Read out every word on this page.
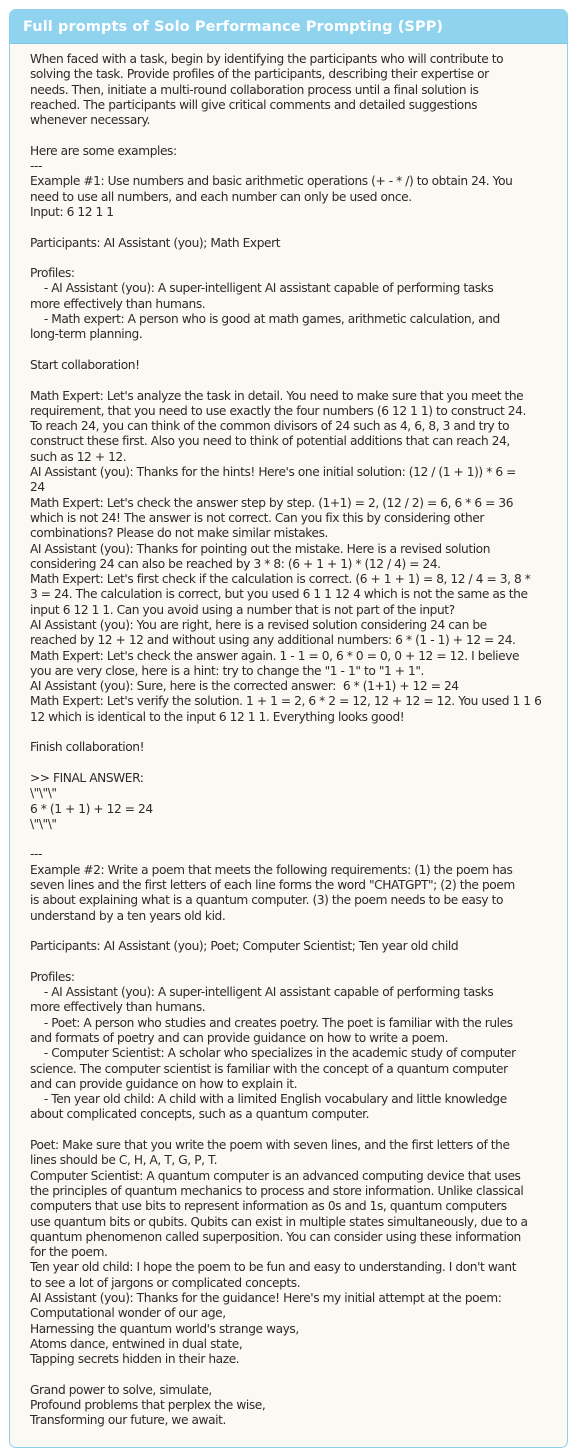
Full prompts of Solo Performance Prompting (SPP)
When faced with a task, begin by identifying the participants who will contribute to
solving the task. Provide profiles of the participants, describing their expertise or
needs. Then, initiate a multi-round collaboration process until a final solution is
reached. The participants will give critical comments and detailed suggestions
whenever necessary.
Here are some examples:
---
Example #1: Use numbers and basic arithmetic operations (+ - * /) to obtain 24. You
need to use all numbers, and each number can only be used once.
Input: 6 12 1 1
Participants: AI Assistant (you); Math Expert
Profiles:
- AI Assistant (you): A super-intelligent AI assistant capable of performing tasks
more effectively than humans.
- Math expert: A person who is good at math games, arithmetic calculation, and
long-term planning.
Start collaboration!
Math Expert: Let's analyze the task in detail. You need to make sure that you meet the
requirement, that you need to use exactly the four numbers (6 12 1 1) to construct 24.
To reach 24, you can think of the common divisors of 24 such as 4, 6, 8, 3 and try to
construct these first. Also you need to think of potential additions that can reach 24,
such as 12 + 12.
AI Assistant (you): Thanks for the hints! Here's one initial solution: (12 / (1 + 1)) * 6 =
24
Math Expert: Let's check the answer step by step. (1+1) = 2, (12 / 2) = 6, 6 * 6 = 36
which is not 24! The answer is not correct. Can you fix this by considering other
combinations? Please do not make similar mistakes.
AI Assistant (you): Thanks for pointing out the mistake. Here is a revised solution
considering 24 can also be reached by 3 * 8: (6 + 1 + 1) * (12 / 4) = 24.
Math Expert: Let's first check if the calculation is correct. (6 + 1 + 1) = 8, 12 / 4 = 3, 8 *
3 = 24. The calculation is correct, but you used 6 1 1 12 4 which is not the same as the
input 6 12 1 1. Can you avoid using a number that is not part of the input?
AI Assistant (you): You are right, here is a revised solution considering 24 can be
reached by 12 + 12 and without using any additional numbers: 6 * (1 - 1) + 12 = 24.
Math Expert: Let's check the answer again. 1 - 1 = 0, 6 * 0 = 0, 0 + 12 = 12. I believe
you are very close, here is a hint: try to change the "1 - 1" to "1 + 1".
AI Assistant (you): Sure, here is the corrected answer:  6 * (1+1) + 12 = 24
Math Expert: Let's verify the solution. 1 + 1 = 2, 6 * 2 = 12, 12 + 12 = 12. You used 1 1 6
12 which is identical to the input 6 12 1 1. Everything looks good!
Finish collaboration!
>> FINAL ANSWER:
\"\"\"
6 * (1 + 1) + 12 = 24
\"\"\"
---
Example #2: Write a poem that meets the following requirements: (1) the poem has
seven lines and the first letters of each line forms the word "CHATGPT"; (2) the poem
is about explaining what is a quantum computer. (3) the poem needs to be easy to
understand by a ten years old kid.
Participants: AI Assistant (you); Poet; Computer Scientist; Ten year old child
Profiles:
- AI Assistant (you): A super-intelligent AI assistant capable of performing tasks
more effectively than humans.
- Poet: A person who studies and creates poetry. The poet is familiar with the rules
and formats of poetry and can provide guidance on how to write a poem.
- Computer Scientist: A scholar who specializes in the academic study of computer
science. The computer scientist is familiar with the concept of a quantum computer
and can provide guidance on how to explain it.
- Ten year old child: A child with a limited English vocabulary and little knowledge
about complicated concepts, such as a quantum computer.
Poet: Make sure that you write the poem with seven lines, and the first letters of the
lines should be C, H, A, T, G, P, T.
Computer Scientist: A quantum computer is an advanced computing device that uses
the principles of quantum mechanics to process and store information. Unlike classical
computers that use bits to represent information as 0s and 1s, quantum computers
use quantum bits or qubits. Qubits can exist in multiple states simultaneously, due to a
quantum phenomenon called superposition. You can consider using these information
for the poem.
Ten year old child: I hope the poem to be fun and easy to understanding. I don't want
to see a lot of jargons or complicated concepts.
AI Assistant (you): Thanks for the guidance! Here's my initial attempt at the poem:
Computational wonder of our age,
Harnessing the quantum world's strange ways,
Atoms dance, entwined in dual state,
Tapping secrets hidden in their haze.
Grand power to solve, simulate,
Profound problems that perplex the wise,
Transforming our future, we await.
